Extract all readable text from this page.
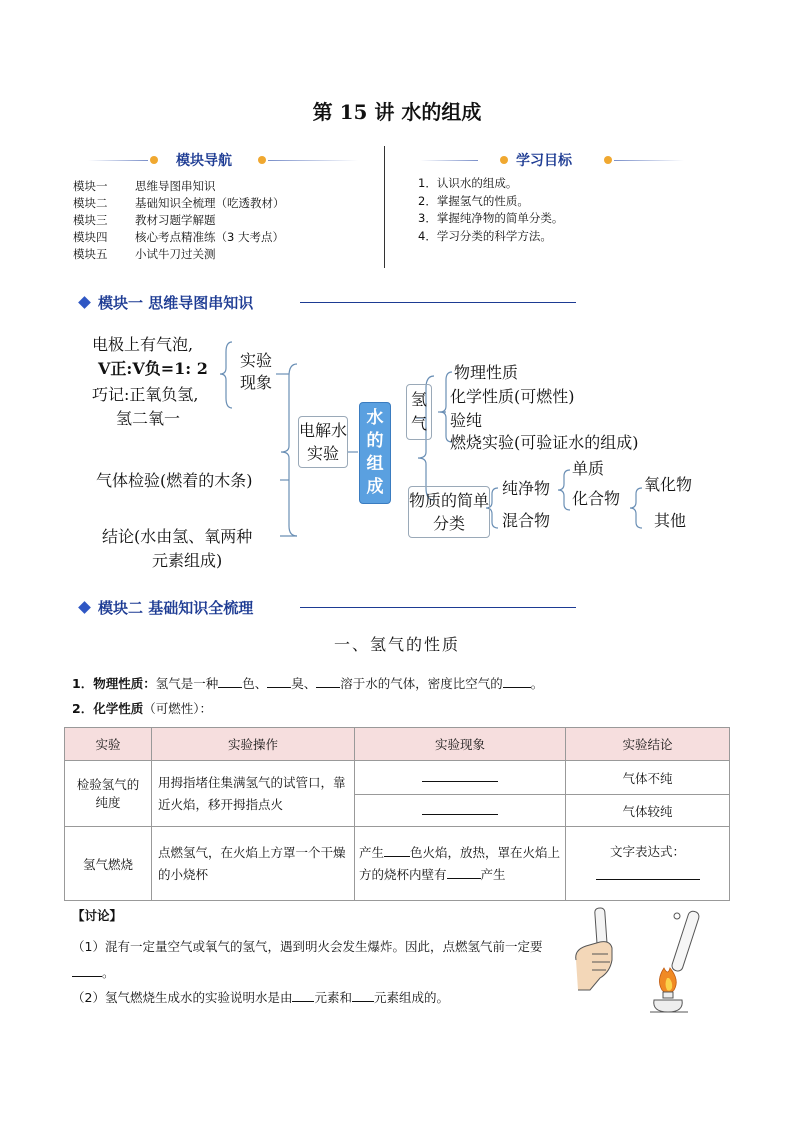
第 15 讲 水的组成
模块导航
模块一 思维导图串知识
模块二 基础知识全梳理（吃透教材）
模块三 教材习题学解题
模块四 核心考点精准练（3 大考点）
模块五 小试牛刀过关测
学习目标
1．认识水的组成。
2．掌握氢气的性质。
3．掌握纯净物的简单分类。
4．学习分类的科学方法。
模块一 思维导图串知识
电极上有气泡,
V正:V负=1: 2
巧记:正氧负氢,
氢二氧一
实验现象
气体检验(燃着的木条)
结论(水由氢、氧两种
元素组成)
电解水实验
水的组成
氢气
物理性质
化学性质(可燃性)
验纯
燃烧实验(可验证水的组成)
物质的简单分类
纯净物
混合物
单质
化合物
氧化物
其他
模块二 基础知识全梳理
一、氢气的性质
1．物理性质：氢气是一种 色、 臭、 溶于水的气体，密度比空气的 。
2．化学性质（可燃性）：
实验	实验操作	实验现象	实验结论
检验氢气的纯度	用拇指堵住集满氢气的试管口，靠近火焰，移开拇指点火		气体不纯
			气体较纯
氢气燃烧	点燃氢气，在火焰上方罩一个干燥的小烧杯	产生 色火焰，放热，罩在火焰上方的烧杯内壁有 产生	文字表达式：
【讨论】
（1）混有一定量空气或氧气的氢气，遇到明火会发生爆炸。因此，点燃氢气前一定要。
（2）氢气燃烧生成水的实验说明水是由 元素和 元素组成的。
